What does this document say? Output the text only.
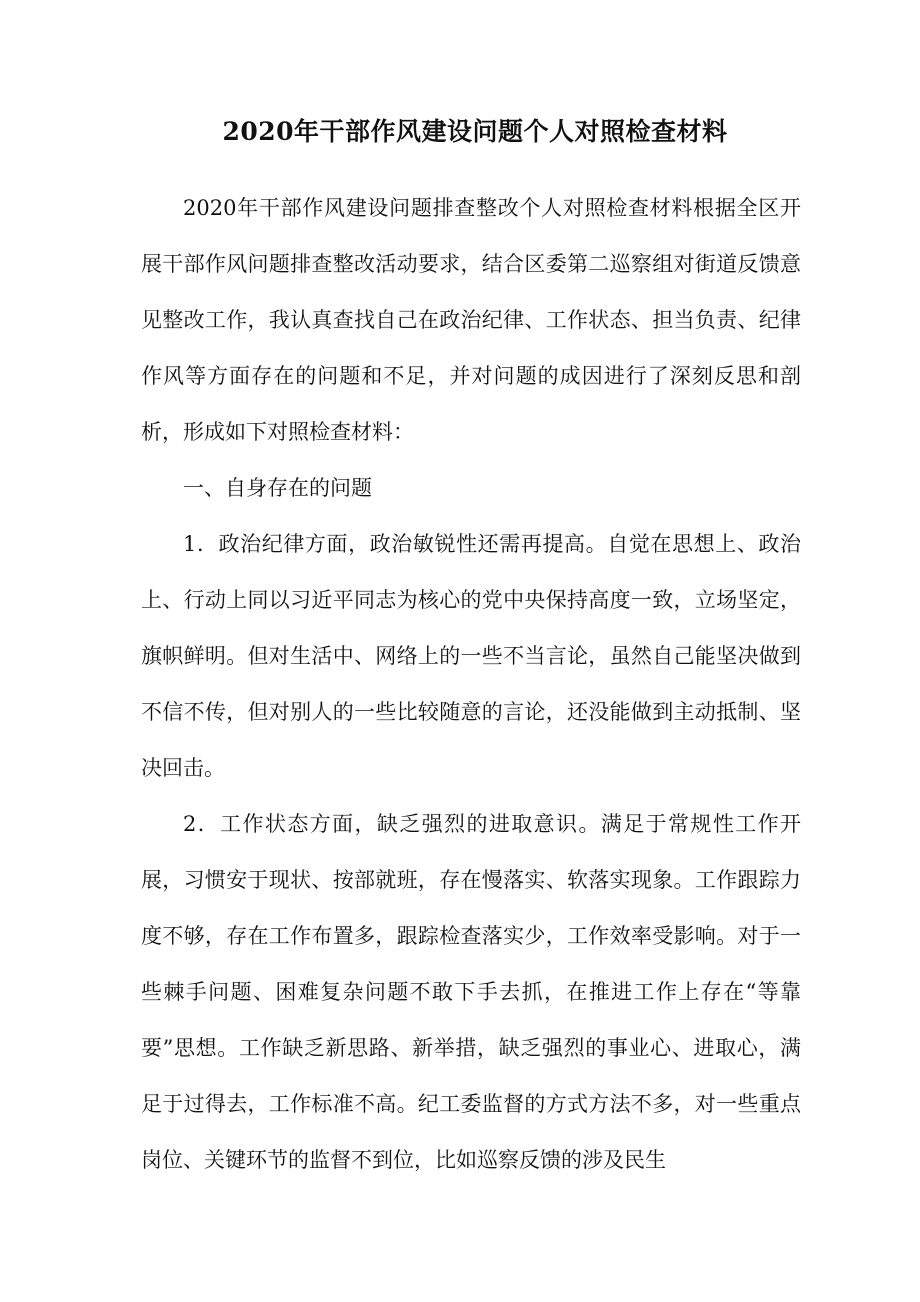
2020年干部作风建设问题个人对照检查材料

2020年干部作风建设问题排查整改个人对照检查材料根据全区开展干部作风问题排查整改活动要求，结合区委第二巡察组对街道反馈意见整改工作，我认真查找自己在政治纪律、工作状态、担当负责、纪律作风等方面存在的问题和不足，并对问题的成因进行了深刻反思和剖析，形成如下对照检查材料：

一、自身存在的问题

1．政治纪律方面，政治敏锐性还需再提高。自觉在思想上、政治上、行动上同以习近平同志为核心的党中央保持高度一致，立场坚定，旗帜鲜明。但对生活中、网络上的一些不当言论，虽然自己能坚决做到不信不传，但对别人的一些比较随意的言论，还没能做到主动抵制、坚决回击。

2．工作状态方面，缺乏强烈的进取意识。满足于常规性工作开展，习惯安于现状、按部就班，存在慢落实、软落实现象。工作跟踪力度不够，存在工作布置多，跟踪检查落实少，工作效率受影响。对于一些棘手问题、困难复杂问题不敢下手去抓，在推进工作上存在“等靠要”思想。工作缺乏新思路、新举措，缺乏强烈的事业心、进取心，满足于过得去，工作标准不高。纪工委监督的方式方法不多，对一些重点岗位、关键环节的监督不到位，比如巡察反馈的涉及民生
